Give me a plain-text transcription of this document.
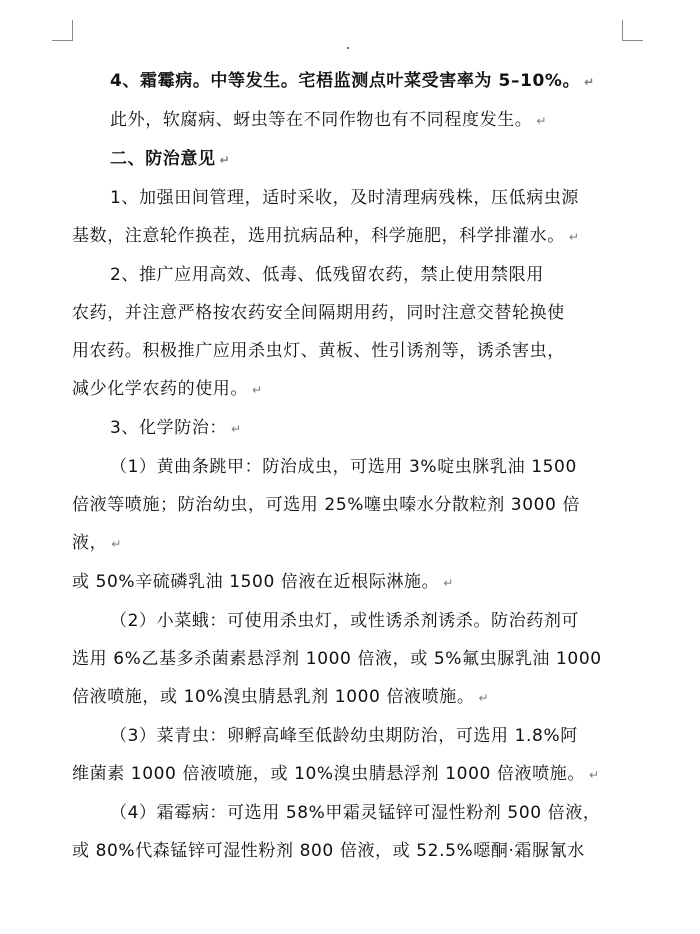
4、霜霉病。中等发生。宅梧监测点叶菜受害率为 5–10%。 ↵

此外，软腐病、蚜虫等在不同作物也有不同程度发生。 ↵

二、防治意见 ↵

1、加强田间管理，适时采收，及时清理病残株，压低病虫源

基数，注意轮作换茬，选用抗病品种，科学施肥，科学排灌水。 ↵

2、推广应用高效、低毒、低残留农药，禁止使用禁限用

农药，并注意严格按农药安全间隔期用药，同时注意交替轮换使

用农药。积极推广应用杀虫灯、黄板、性引诱剂等，诱杀害虫，

减少化学农药的使用。 ↵

3、化学防治： ↵

（1）黄曲条跳甲：防治成虫，可选用 3%啶虫脒乳油 1500

倍液等喷施；防治幼虫，可选用 25%噻虫嗪水分散粒剂 3000 倍

液， ↵

或 50%辛硫磷乳油 1500 倍液在近根际淋施。 ↵

（2）小菜蛾：可使用杀虫灯，或性诱杀剂诱杀。防治药剂可

选用 6%乙基多杀菌素悬浮剂 1000 倍液，或 5%氟虫脲乳油 1000

倍液喷施，或 10%溴虫腈悬乳剂 1000 倍液喷施。 ↵

（3）菜青虫：卵孵高峰至低龄幼虫期防治，可选用 1.8%阿

维菌素 1000 倍液喷施，或 10%溴虫腈悬浮剂 1000 倍液喷施。 ↵

（4）霜霉病：可选用 58%甲霜灵锰锌可湿性粉剂 500 倍液，

或 80%代森锰锌可湿性粉剂 800 倍液，或 52.5%噁酮·霜脲氰水
